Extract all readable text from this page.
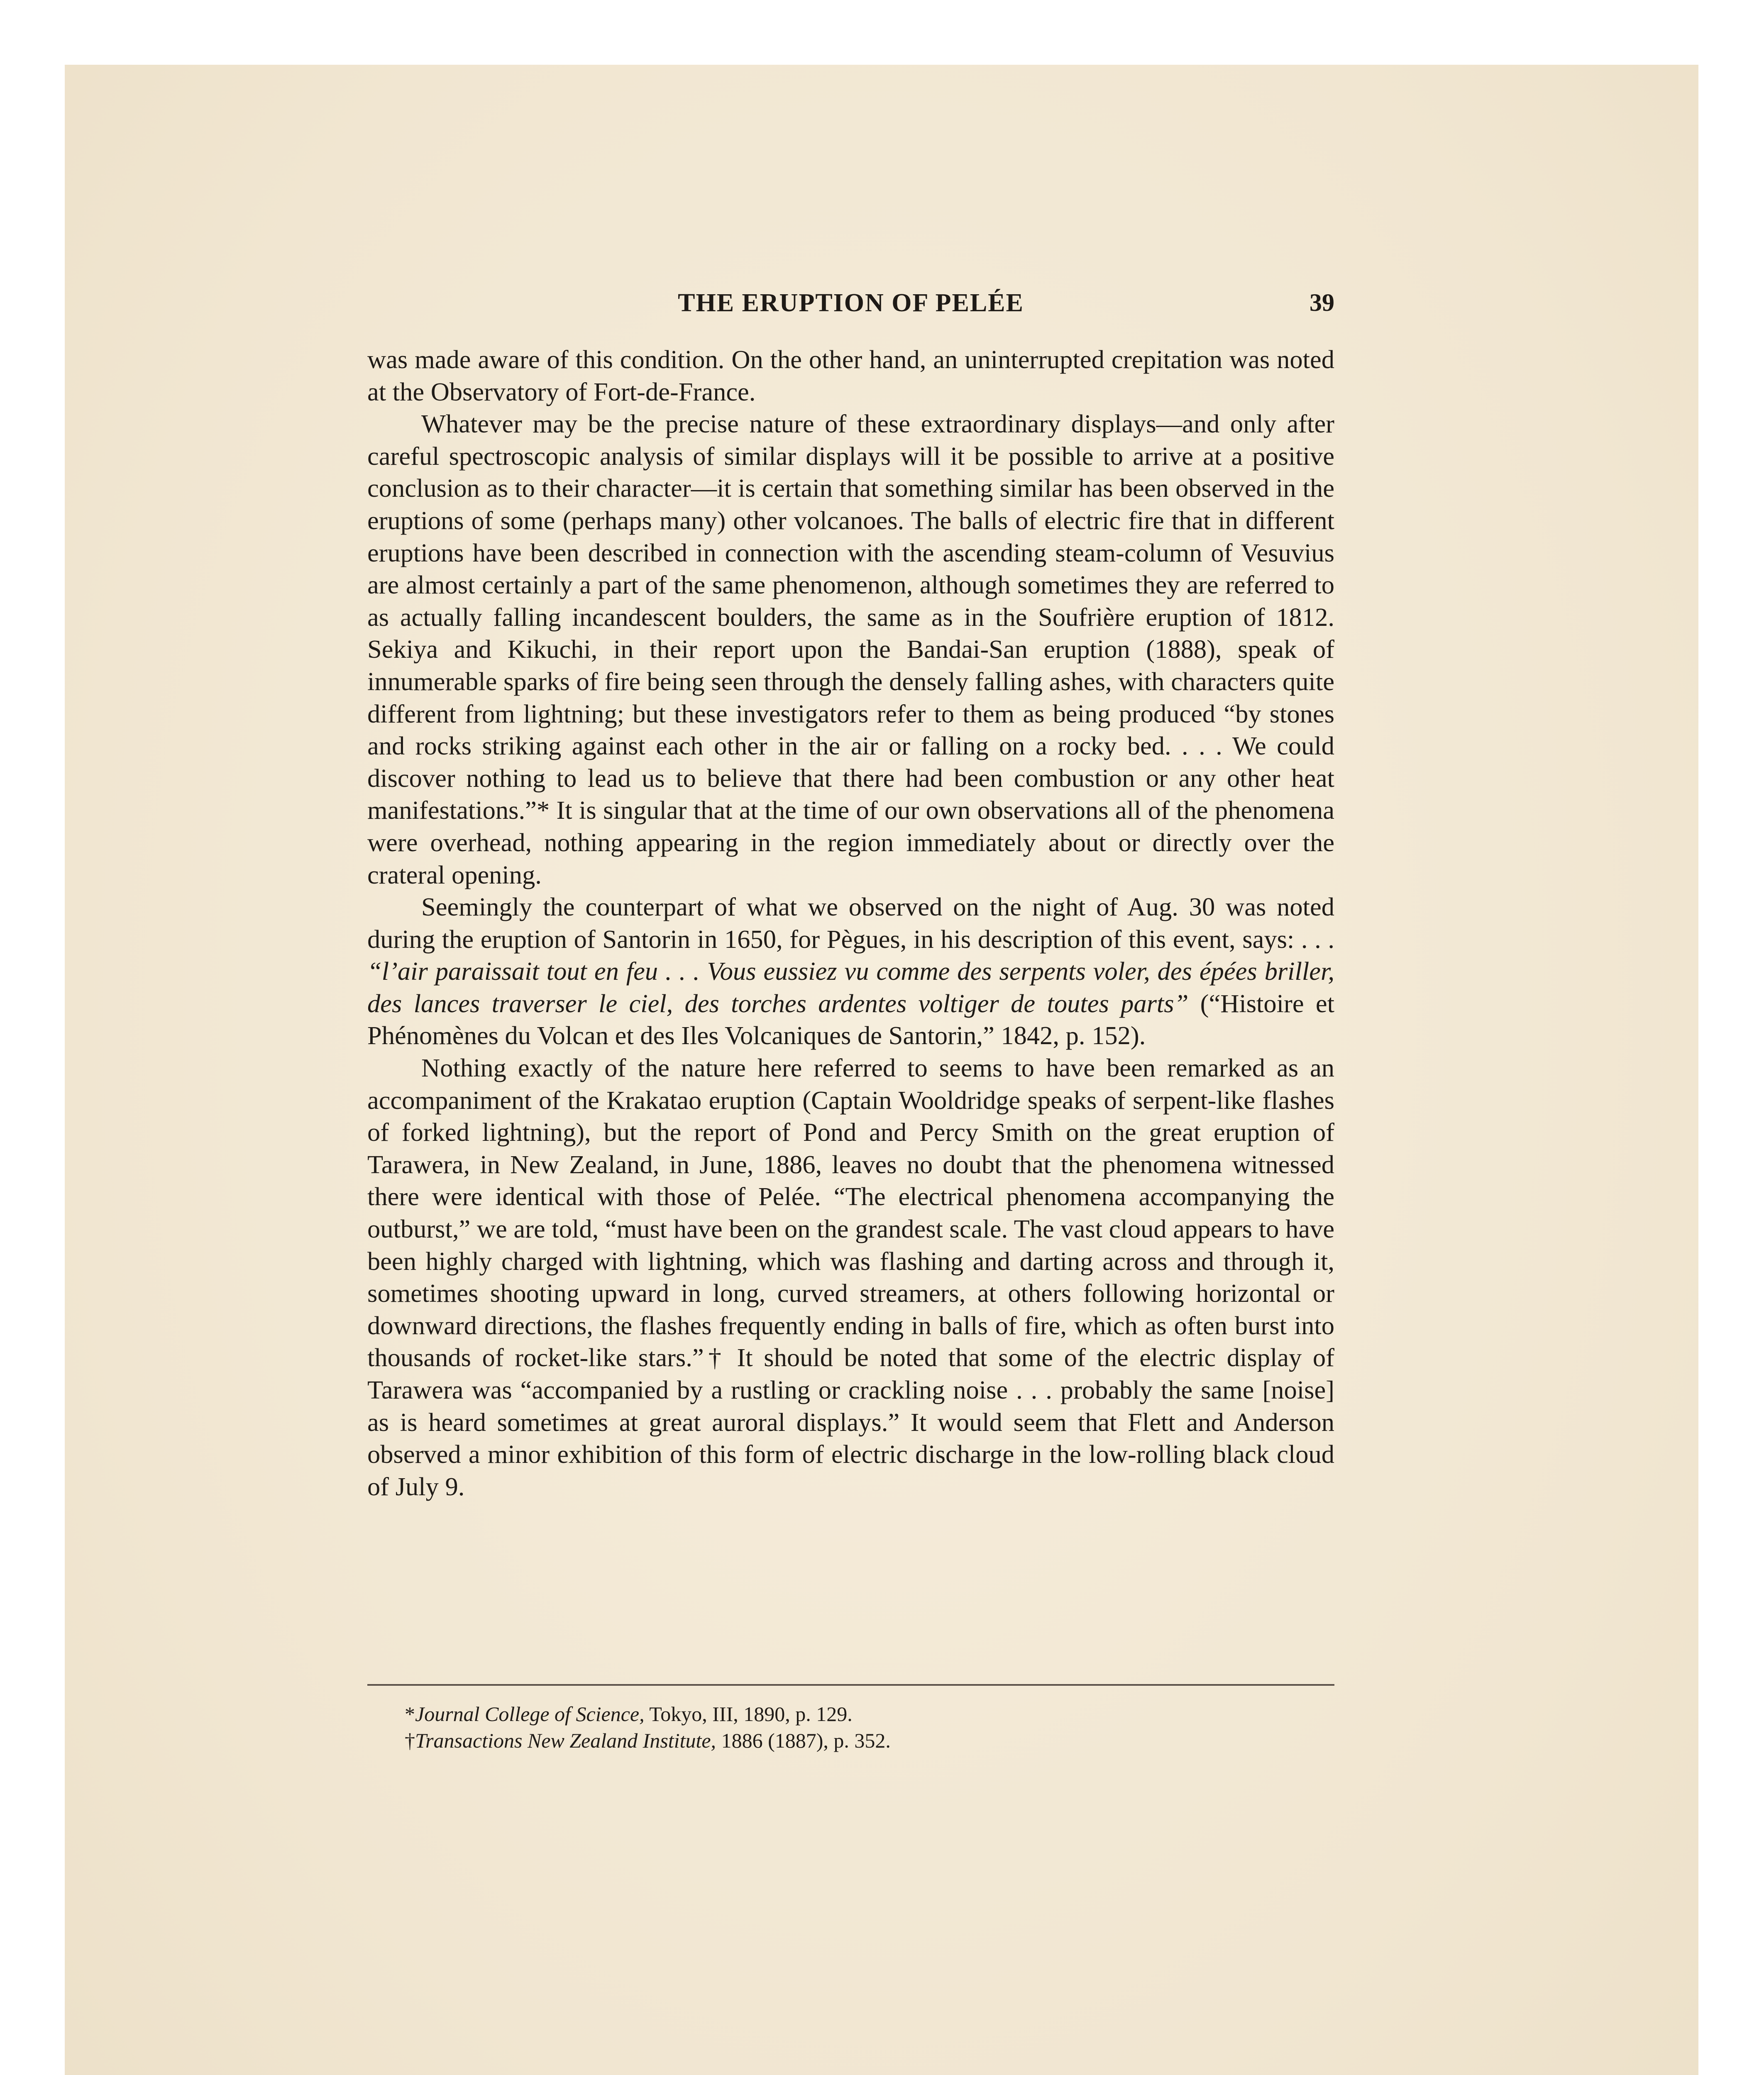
THE ERUPTION OF PELÉE	39

was made aware of this condition. On the other hand, an uninterrupted crepitation was noted at the Observatory of Fort-de-France.

Whatever may be the precise nature of these extraordinary displays—and only after careful spectroscopic analysis of similar displays will it be possible to arrive at a positive conclusion as to their character—it is certain that something similar has been observed in the eruptions of some (perhaps many) other volcanoes. The balls of electric fire that in different eruptions have been described in connection with the ascending steam-column of Vesuvius are almost certainly a part of the same phenomenon, although sometimes they are referred to as actually falling incandescent boulders, the same as in the Soufrière eruption of 1812. Sekiya and Kikuchi, in their report upon the Bandai-San eruption (1888), speak of innumerable sparks of fire being seen through the densely falling ashes, with characters quite different from lightning; but these investigators refer to them as being produced “by stones and rocks striking against each other in the air or falling on a rocky bed. . . . We could discover nothing to lead us to believe that there had been combustion or any other heat manifestations.”* It is singular that at the time of our own observations all of the phenomena were overhead, nothing appearing in the region immediately about or directly over the crateral opening.

Seemingly the counterpart of what we observed on the night of Aug. 30 was noted during the eruption of Santorin in 1650, for Pègues, in his description of this event, says: . . . “l’air paraissait tout en feu . . . Vous eussiez vu comme des serpents voler, des épées briller, des lances traverser le ciel, des torches ardentes voltiger de toutes parts” (“Histoire et Phénomènes du Volcan et des Iles Volcaniques de Santorin,” 1842, p. 152).

Nothing exactly of the nature here referred to seems to have been remarked as an accompaniment of the Krakatao eruption (Captain Wooldridge speaks of serpent-like flashes of forked lightning), but the report of Pond and Percy Smith on the great eruption of Tarawera, in New Zealand, in June, 1886, leaves no doubt that the phenomena witnessed there were identical with those of Pelée. “The electrical phenomena accompanying the outburst,” we are told, “must have been on the grandest scale. The vast cloud appears to have been highly charged with lightning, which was flashing and darting across and through it, sometimes shooting upward in long, curved streamers, at others following horizontal or downward directions, the flashes frequently ending in balls of fire, which as often burst into thousands of rocket-like stars.”† It should be noted that some of the electric display of Tarawera was “accompanied by a rustling or crackling noise . . . probably the same [noise] as is heard sometimes at great auroral displays.” It would seem that Flett and Anderson observed a minor exhibition of this form of electric discharge in the low-rolling black cloud of July 9.

*Journal College of Science, Tokyo, III, 1890, p. 129.

†Transactions New Zealand Institute, 1886 (1887), p. 352.
